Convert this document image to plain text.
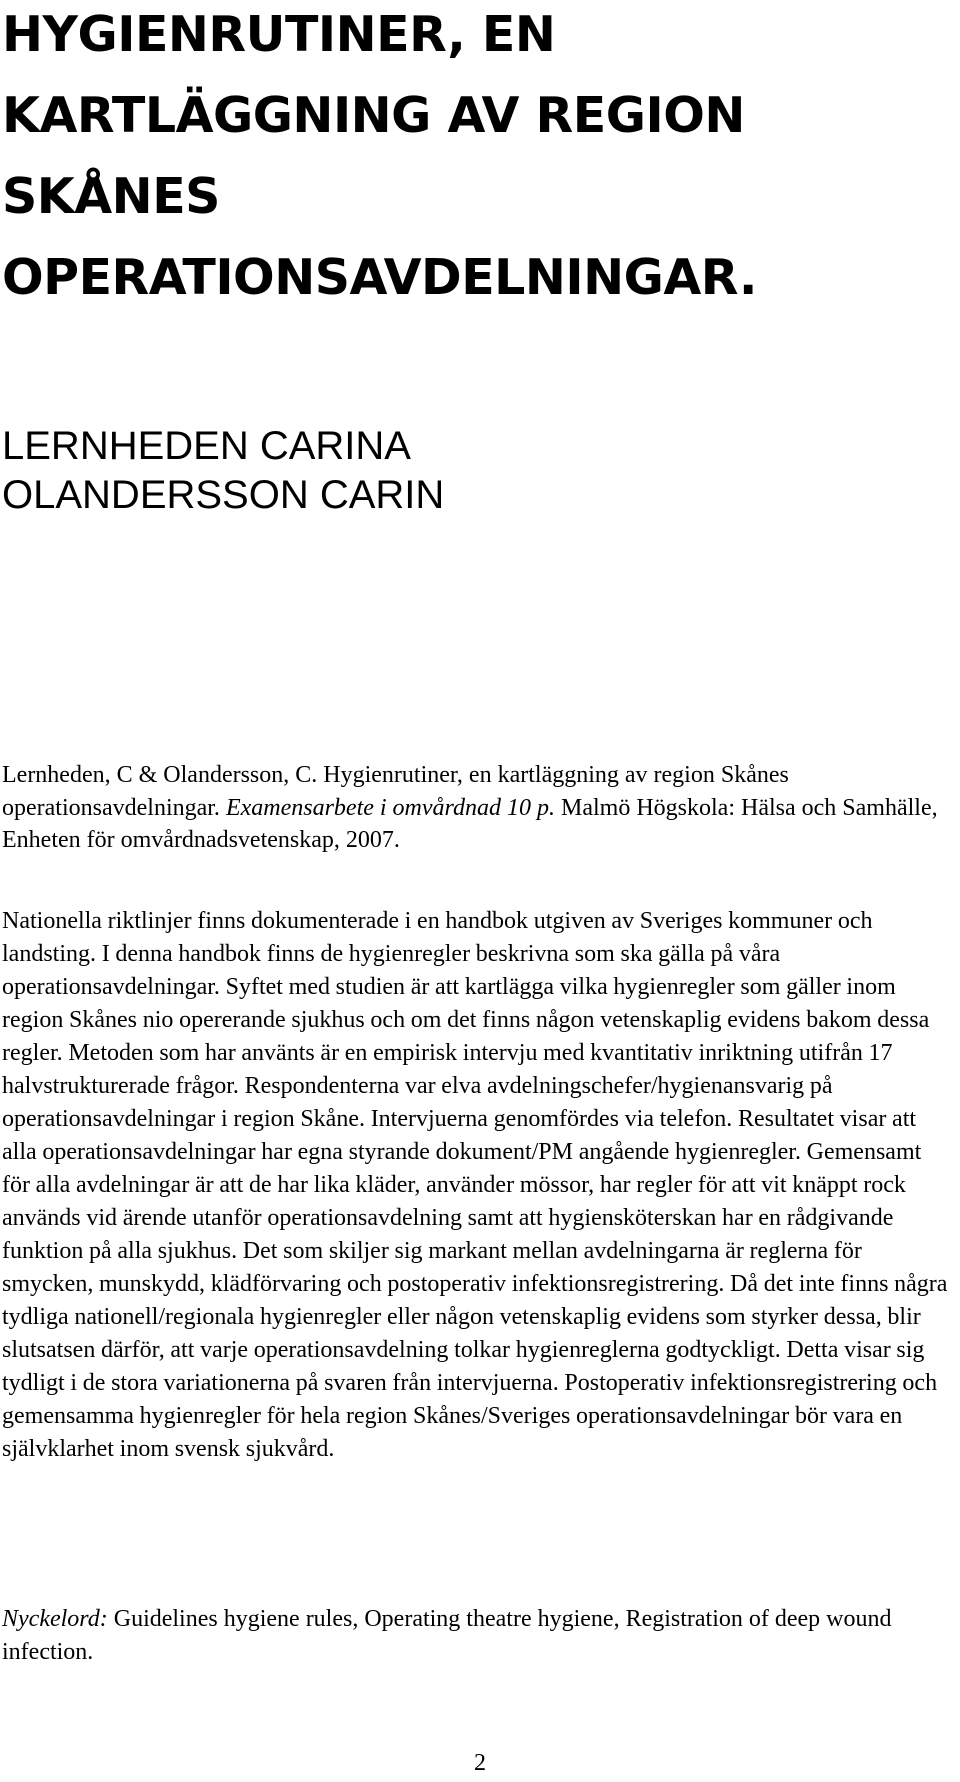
HYGIENRUTINER, EN
KARTLÄGGNING AV REGION
SKÅNES
OPERATIONSAVDELNINGAR.
LERNHEDEN CARINA
OLANDERSSON CARIN

Lernheden, C & Olandersson, C. Hygienrutiner, en kartläggning av region Skånes operationsavdelningar. Examensarbete i omvårdnad 10 p. Malmö Högskola: Hälsa och Samhälle, Enheten för omvårdnadsvetenskap, 2007.

Nationella riktlinjer finns dokumenterade i en handbok utgiven av Sveriges kommuner och landsting. I denna handbok finns de hygienregler beskrivna som ska gälla på våra operationsavdelningar. Syftet med studien är att kartlägga vilka hygienregler som gäller inom region Skånes nio opererande sjukhus och om det finns någon vetenskaplig evidens bakom dessa regler. Metoden som har använts är en empirisk intervju med kvantitativ inriktning utifrån 17 halvstrukturerade frågor. Respondenterna var elva avdelningschefer/hygienansvarig på operationsavdelningar i region Skåne. Intervjuerna genomfördes via telefon. Resultatet visar att alla operationsavdelningar har egna styrande dokument/PM angående hygienregler. Gemensamt för alla avdelningar är att de har lika kläder, använder mössor, har regler för att vit knäppt rock används vid ärende utanför operationsavdelning samt att hygiensköterskan har en rådgivande funktion på alla sjukhus. Det som skiljer sig markant mellan avdelningarna är reglerna för smycken, munskydd, klädförvaring och postoperativ infektionsregistrering. Då det inte finns några tydliga nationell/regionala hygienregler eller någon vetenskaplig evidens som styrker dessa, blir slutsatsen därför, att varje operationsavdelning tolkar hygienreglerna godtyckligt. Detta visar sig tydligt i de stora variationerna på svaren från intervjuerna. Postoperativ infektionsregistrering och gemensamma hygienregler för hela region Skånes/Sveriges operationsavdelningar bör vara en självklarhet inom svensk sjukvård.

Nyckelord: Guidelines hygiene rules, Operating theatre hygiene, Registration of deep wound infection.

2
